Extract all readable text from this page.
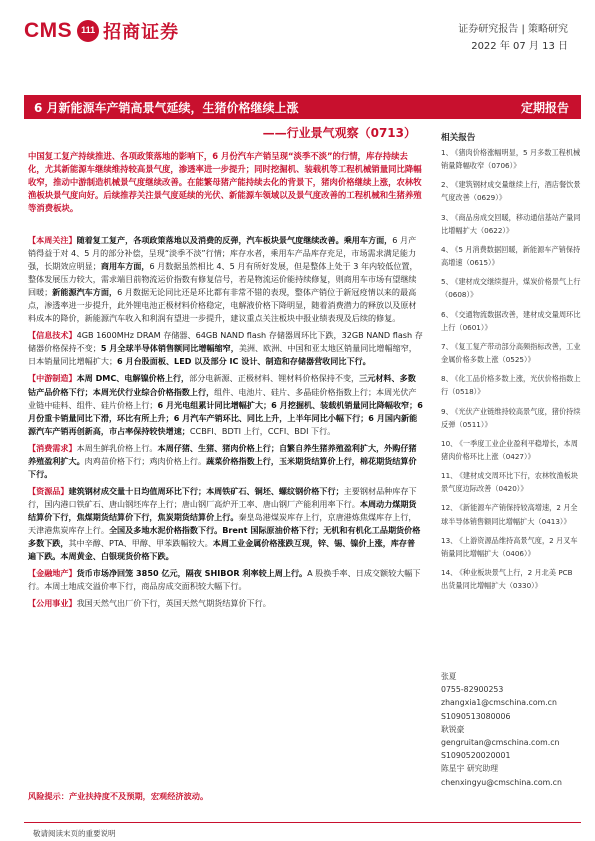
CMS 111 招商证券	证券研究报告 | 策略研究
2022 年 07 月 13 日
6 月新能源车产销高景气延续，生猪价格继续上涨	定期报告
——行业景气观察（0713）
中国复工复产持续推进、各项政策落地的影响下，6 月份汽车产销呈现“淡季不淡”的行情，库存持续去化，尤其新能源车继续维持较高景气度，渗透率进一步提升；同时挖掘机、装载机等工程机械销量同比降幅收窄，推动中游制造机械景气度继续改善。在能繁母猪产能持续去化的背景下，猪肉价格继续上涨，农林牧渔板块景气度向好。后续推荐关注景气度延续的光伏、新能源车领域以及景气度改善的工程机械和生猪养殖等消费板块。

【本周关注】随着复工复产，各项政策落地以及消费的反弹，汽车板块景气度继续改善。乘用车方面，6 月产销得益于对 4、5 月的部分补偿，呈现“淡季不淡”行情；库存水者，乘用车产品库存充足，市场需求满足能力强，长期效应明显；商用车方面，6 月数据虽然相比 4、5 月有所好发展，但是整体上处于 3 年内较低位置，整体发展压力较大，需求端目前物流运价指数有修复信号，若是物流运价能持续修复，则商用车市场有望继续回暖；新能源汽车方面，6 月数据无论同比还是环比都有非常不错的表现，整体产销位于新冠疫情以来的最高点，渗透率进一步提升，此外锂电池正极材料价格稳定，电解液价格下降明显，随着消费潜力的释放以及原材料成本的降价，新能源汽车收入和利润有望进一步提升，建议重点关注板块中报业绩表现及后续的修复。

【信息技术】4GB 1600MHz DRAM 存储器、64GB NAND flash 存储器周环比下跌，32GB NAND flash 存储器价格保持不变；5 月全球半导体销售额同比增幅缩窄，美洲、欧洲、中国和亚太地区销量同比增幅缩窄，日本销量同比增幅扩大；6 月台股面板、LED 以及部分 IC 设计、制造和存储器营收同比下行。

【中游制造】本周 DMC、电解镍价格上行，部分电新源、正极材料、锂材料价格保持不变，三元材料、多数钴产品价格下行；本周光伏行业综合价格指数上行，组件、电池片、硅片、多晶硅价格指数上行；本周光伏产业链中硅料、组件、硅片价格上行；6 月光电组累计同比增幅扩大；6 月挖掘机、装载机销量同比降幅收窄；6 月份重卡销量同比下滑，环比有所上升；6 月汽车产销环比、同比上升，上半年同比小幅下行；6 月国内新能源汽车产销再创新高，市占率保持较快增速；CCBFI、BDTI 上行，CCFI、BDI 下行。

【消费需求】本周生鲜乳价格上行。本周仔猪、生猪、猪肉价格上行；自繁自养生猪养殖盈利扩大，外购仔猪养殖盈利扩大。肉鸡苗价格下行；鸡肉价格上行。蔬菜价格指数上行，玉米期货结算价上行，棉花期货结算价下行。

【资源品】建筑钢材成交量十日均值周环比下行；本周铁矿石、铜坯、螺纹钢价格下行；主要钢材品种库存下行，国内港口铁矿石、唐山钢坯库存上行；唐山钢厂高炉开工率、唐山钢厂产能利用率下行。本周动力煤期货结算价下行，焦煤期货结算价下行，焦炭期货结算价上行。秦皇岛港煤炭库存上行，京唐港炼焦煤库存上行，天津港焦炭库存上行。全国及多地水泥价格指数下行。Brent 国际原油价格下行；无机和有机化工品期货价格多数下跌，其中辛醇、PTA、甲醇、甲苯跌幅较大。本周工业金属价格涨跌互现，锌、锡、镍价上涨，库存普遍下跌。本周黄金、白银现货价格下跌。

【金融地产】货币市场净回笼 3850 亿元，隔夜 SHIBOR 利率较上周上行。A 股换手率、日成交额较大幅下行。本周土地成交溢价率下行，商品房成交面积较大幅下行。

【公用事业】我国天然气出厂价下行，英国天然气期货结算价下行。

风险提示：产业扶持度不及预期，宏观经济波动。
敬请阅读末页的重要说明
相关报告
1、 《猪肉价格涨幅明显，5 月多数工程机械销量降幅收窄（0706）》
2、 《建筑钢材成交量继续上行，酒店餐饮景气度改善（0629）》
3、 《商品房成交回暖，移动通信基站产量同比增幅扩大（0622）》
4、 《5 月消费数据回暖，新能源车产销保持高增速（0615）》
5、 《建材成交继续提升，煤炭价格景气上行（0608）》
6、 《交通物流数据改善，建材成交量周环比上行（0601）》
7、 《复工复产带动部分高频指标改善，工业金属价格多数上涨（0525）》
8、 《化工品价格多数上涨，光伏价格指数上行（0518）》
9、 《光伏产业链维持较高景气度，猪价持续反弹（0511）》
10、 《一季度工业企业盈利平稳增长，本周猪肉价格环比上涨（0427）》
11、 《建材成交周环比下行，农林牧渔板块景气度边际改善（0420）》
12、 《新能源车产销保持较高增速，2 月全球半导体销售额同比增幅扩大（0413）》
13、 《上游资源品维持高景气度，2 月叉车销量同比增幅扩大（0406）》
14、 《种业板块景气上行，2 月北美 PCB 出货量同比增幅扩大（0330）》
张夏
0755-82900253
zhangxia1@cmschina.com.cn
S1090513080006
耿锐豪
gengruitan@cmschina.com.cn
S1090520020001
陈星宇 研究助理
chenxingyu@cmschina.com.cn
